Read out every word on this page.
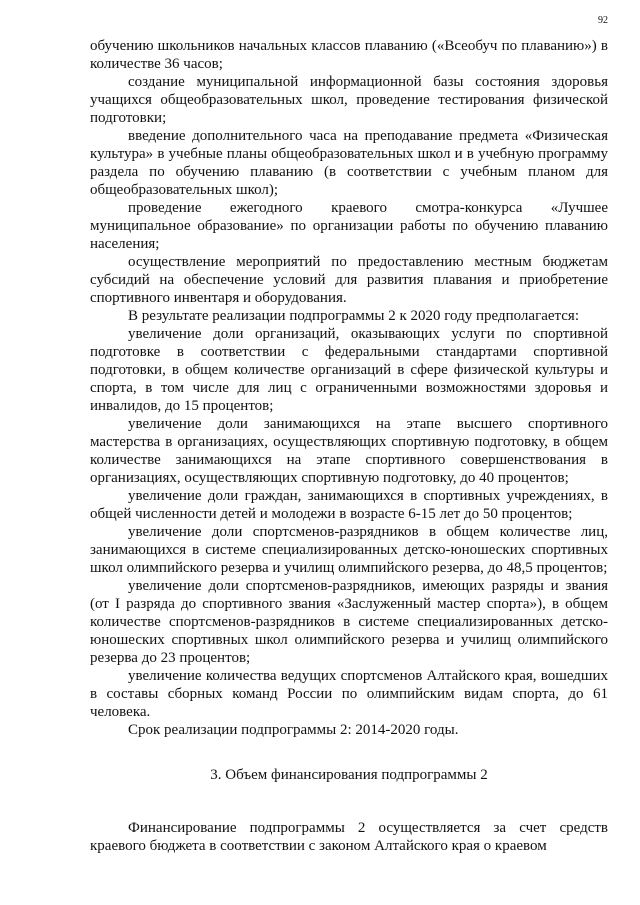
92

обучению школьников начальных классов плаванию («Всеобуч по плаванию») в количестве 36 часов;

создание муниципальной информационной базы состояния здоровья учащихся общеобразовательных школ, проведение тестирования физической подготовки;

введение дополнительного часа на преподавание предмета «Физическая культура» в учебные планы общеобразовательных школ и в учебную программу раздела по обучению плаванию (в соответствии с учебным планом для общеобразовательных школ);

проведение ежегодного краевого смотра-конкурса «Лучшее муниципальное образование» по организации работы по обучению плаванию населения;

осуществление мероприятий по предоставлению местным бюджетам субсидий на обеспечение условий для развития плавания и приобретение спортивного инвентаря и оборудования.

В результате реализации подпрограммы 2 к 2020 году предполагается:

увеличение доли организаций, оказывающих услуги по спортивной подготовке в соответствии с федеральными стандартами спортивной подготовки, в общем количестве организаций в сфере физической культуры и спорта, в том числе для лиц с ограниченными возможностями здоровья и инвалидов, до 15 процентов;

увеличение доли занимающихся на этапе высшего спортивного мастерства в организациях, осуществляющих спортивную подготовку, в общем количестве занимающихся на этапе спортивного совершенствования в организациях, осуществляющих спортивную подготовку, до 40 процентов;

увеличение доли граждан, занимающихся в спортивных учреждениях, в общей численности детей и молодежи в возрасте 6-15 лет до 50 процентов;

увеличение доли спортсменов-разрядников в общем количестве лиц, занимающихся в системе специализированных детско-юношеских спортивных школ олимпийского резерва и училищ олимпийского резерва, до 48,5 процентов;

увеличение доли спортсменов-разрядников, имеющих разряды и звания (от I разряда до спортивного звания «Заслуженный мастер спорта»), в общем количестве спортсменов-разрядников в системе специализированных детско-юношеских спортивных школ олимпийского резерва и училищ олимпийского резерва до 23 процентов;

увеличение количества ведущих спортсменов Алтайского края, вошедших в составы сборных команд России по олимпийским видам спорта, до 61 человека.

Срок реализации подпрограммы 2: 2014-2020 годы.

3. Объем финансирования подпрограммы 2

Финансирование подпрограммы 2 осуществляется за счет средств краевого бюджета в соответствии с законом Алтайского края о краевом
